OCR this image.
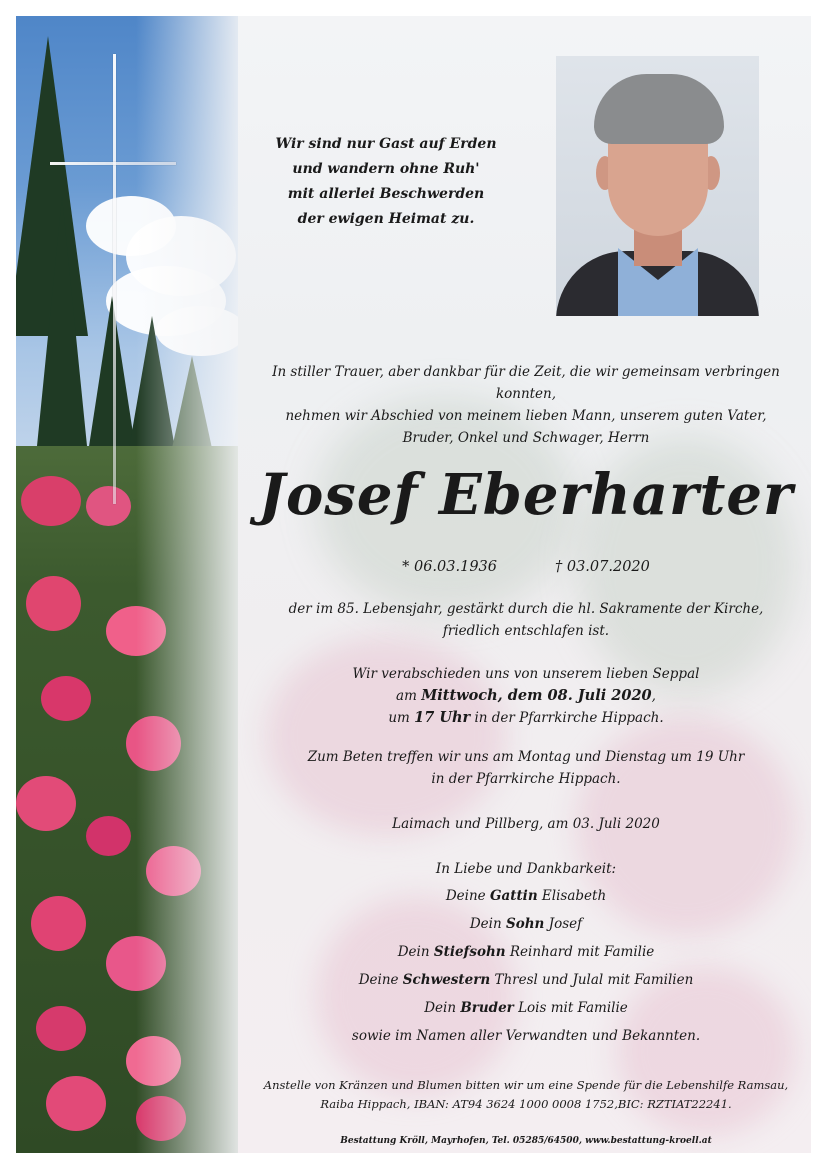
Wir sind nur Gast auf Erden
und wandern ohne Ruh'
mit allerlei Beschwerden
der ewigen Heimat zu.
In stiller Trauer, aber dankbar für die Zeit, die wir gemeinsam verbringen konnten,
nehmen wir Abschied von meinem lieben Mann, unserem guten Vater,
Bruder, Onkel und Schwager, Herrn
Josef Eberharter
* 06.03.1936	† 03.07.2020
der im 85. Lebensjahr, gestärkt durch die hl. Sakramente der Kirche,
friedlich entschlafen ist.
Wir verabschieden uns von unserem lieben Seppal
am Mittwoch, dem 08. Juli 2020,
um 17 Uhr in der Pfarrkirche Hippach.
Zum Beten treffen wir uns am Montag und Dienstag um 19 Uhr
in der Pfarrkirche Hippach.
Laimach und Pillberg, am 03. Juli 2020
In Liebe und Dankbarkeit:
Deine Gattin Elisabeth
Dein Sohn Josef
Dein Stiefsohn Reinhard mit Familie
Deine Schwestern Thresl und Julal mit Familien
Dein Bruder Lois mit Familie
sowie im Namen aller Verwandten und Bekannten.
Anstelle von Kränzen und Blumen bitten wir um eine Spende für die Lebenshilfe Ramsau,
Raiba Hippach, IBAN: AT94 3624 1000 0008 1752,BIC: RZTIAT22241.
Bestattung Kröll, Mayrhofen, Tel. 05285/64500, www.bestattung-kroell.at
